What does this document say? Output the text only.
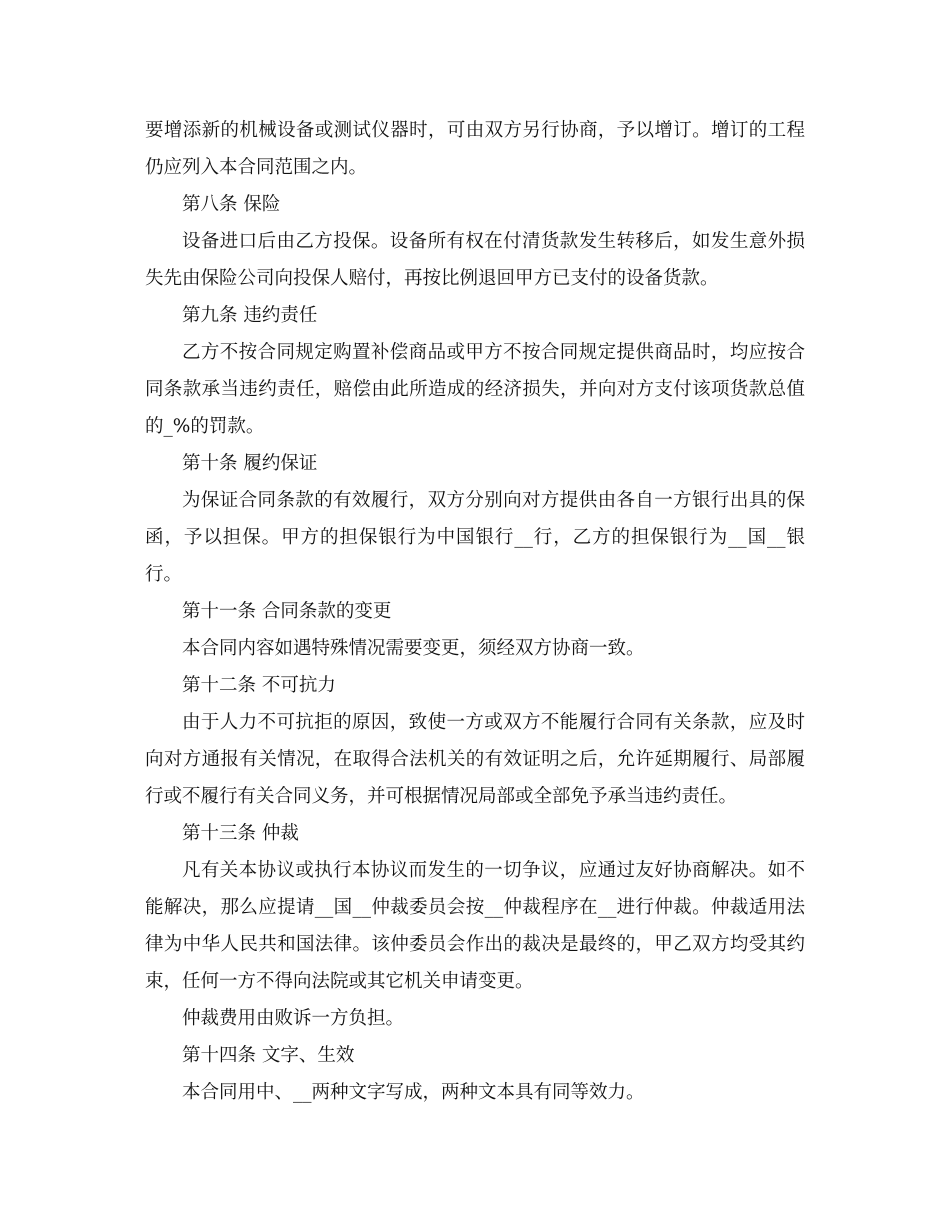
要增添新的机械设备或测试仪器时，可由双方另行协商，予以增订。增订的工程仍应列入本合同范围之内。

第八条 保险

设备进口后由乙方投保。设备所有权在付清货款发生转移后，如发生意外损失先由保险公司向投保人赔付，再按比例退回甲方已支付的设备货款。

第九条 违约责任

乙方不按合同规定购置补偿商品或甲方不按合同规定提供商品时，均应按合同条款承当违约责任，赔偿由此所造成的经济损失，并向对方支付该项货款总值的_%的罚款。

第十条 履约保证

为保证合同条款的有效履行，双方分别向对方提供由各自一方银行出具的保函，予以担保。甲方的担保银行为中国银行__行，乙方的担保银行为__国__银行。

第十一条 合同条款的变更

本合同内容如遇特殊情况需要变更，须经双方协商一致。

第十二条 不可抗力

由于人力不可抗拒的原因，致使一方或双方不能履行合同有关条款，应及时向对方通报有关情况，在取得合法机关的有效证明之后，允许延期履行、局部履行或不履行有关合同义务，并可根据情况局部或全部免予承当违约责任。

第十三条 仲裁

凡有关本协议或执行本协议而发生的一切争议，应通过友好协商解决。如不能解决，那么应提请__国__仲裁委员会按__仲裁程序在__进行仲裁。仲裁适用法律为中华人民共和国法律。该仲委员会作出的裁决是最终的，甲乙双方均受其约束，任何一方不得向法院或其它机关申请变更。

仲裁费用由败诉一方负担。

第十四条 文字、生效

本合同用中、__两种文字写成，两种文本具有同等效力。
